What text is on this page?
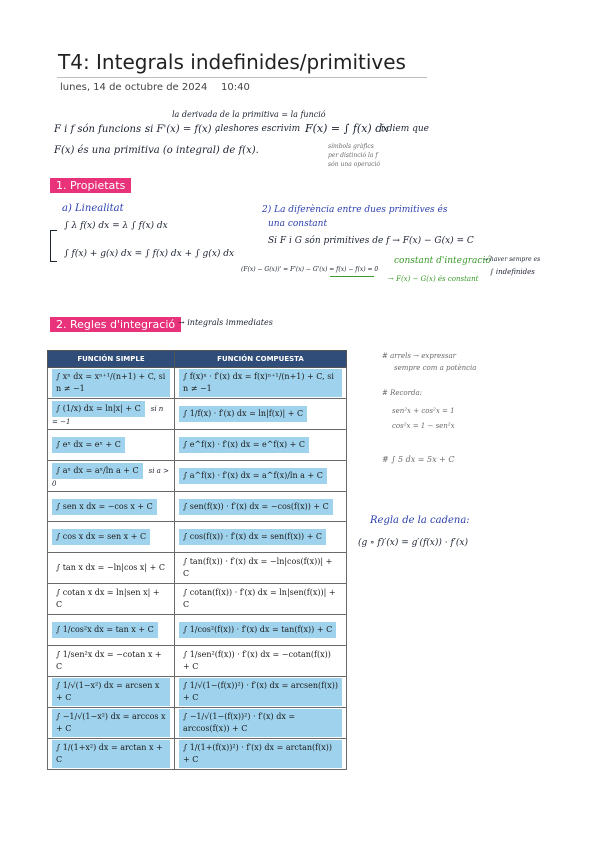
T4: Integrals indefinides/primitives
lunes, 14 de octubre de 2024 10:40
la derivada de la primitiva = la funció
F i f són funcions :
si F'(x) = f(x) ,
aleshores escrivim F(x) = ∫ f(x) dx
i diem que
F(x) és una primitiva (o integral) de f(x).	símbols gràfics
per distinció la f
són una operació
1. Propietats
a) Linealitat
∫ λ f(x) dx = λ ∫ f(x) dx
∫ f(x) + g(x) dx = ∫ f(x) dx + ∫ g(x) dx
2) La diferència entre dues primitives és
una constant
Si F i G són primitives de f → F(x) − G(x) = C
(F(x) − G(x))' = F'(x) − G'(x) = f(x) − f(x) = 0
constant d'integració
→ haver sempre es
∫ indefinides
→ F(x) − G(x) és constant
2. Regles d'integració → integrals immediates
FUNCIÓN SIMPLE	FUNCIÓN COMPUESTA
∫ xⁿ dx = xⁿ⁺¹/(n+1) + C, si n ≠ −1	∫ f(x)ⁿ · f′(x) dx = f(x)ⁿ⁺¹/(n+1) + C, si n ≠ −1
∫ (1/x) dx = ln|x| + C si n = −1	∫ 1/f(x) · f′(x) dx = ln|f(x)| + C
∫ eˣ dx = eˣ + C	∫ e^f(x) · f′(x) dx = e^f(x) + C
∫ aˣ dx = aˣ/ln a + C si a > 0	∫ a^f(x) · f′(x) dx = a^f(x)/ln a + C
∫ sen x dx = −cos x + C	∫ sen(f(x)) · f′(x) dx = −cos(f(x)) + C
∫ cos x dx = sen x + C	∫ cos(f(x)) · f′(x) dx = sen(f(x)) + C
∫ tan x dx = −ln|cos x| + C	∫ tan(f(x)) · f′(x) dx = −ln|cos(f(x))| + C
∫ cotan x dx = ln|sen x| + C	∫ cotan(f(x)) · f′(x) dx = ln|sen(f(x))| + C
∫ 1/cos²x dx = tan x + C	∫ 1/cos²(f(x)) · f′(x) dx = tan(f(x)) + C
∫ 1/sen²x dx = −cotan x + C	∫ 1/sen²(f(x)) · f′(x) dx = −cotan(f(x)) + C
∫ 1/√(1−x²) dx = arcsen x + C	∫ 1/√(1−(f(x))²) · f′(x) dx = arcsen(f(x)) + C
∫ −1/√(1−x²) dx = arccos x + C	∫ −1/√(1−(f(x))²) · f′(x) dx = arccos(f(x)) + C
∫ 1/(1+x²) dx = arctan x + C	∫ 1/(1+(f(x))²) · f′(x) dx = arctan(f(x)) + C
# arrels → expressar
sempre com a potència
# Recorda:
sen²x + cos²x = 1
cos²x = 1 − sen²x
# ∫ 5 dx = 5x + C
Regla de la cadena:
(g ∘ f)′(x) = g′(f(x)) · f′(x)
